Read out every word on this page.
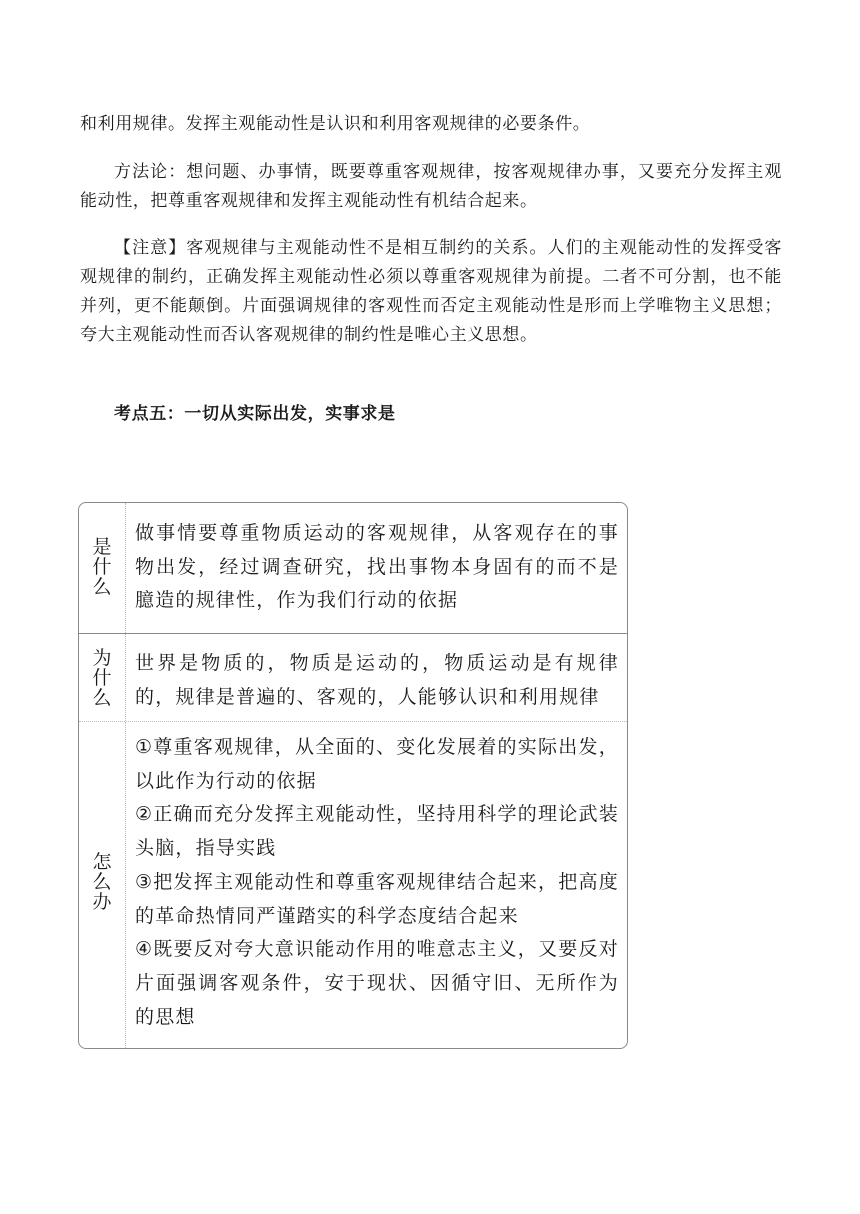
和利用规律。发挥主观能动性是认识和利用客观规律的必要条件。

方法论：想问题、办事情，既要尊重客观规律，按客观规律办事，又要充分发挥主观能动性，把尊重客观规律和发挥主观能动性有机结合起来。

【注意】客观规律与主观能动性不是相互制约的关系。人们的主观能动性的发挥受客观规律的制约，正确发挥主观能动性必须以尊重客观规律为前提。二者不可分割，也不能并列，更不能颠倒。片面强调规律的客观性而否定主观能动性是形而上学唯物主义思想；夸大主观能动性而否认客观规律的制约性是唯心主义思想。

考点五：一切从实际出发，实事求是
是
什
么
做事情要尊重物质运动的客观规律，从客观存在的事物出发，经过调查研究，找出事物本身固有的而不是臆造的规律性，作为我们行动的依据
为
什
么
世界是物质的，物质是运动的，物质运动是有规律的，规律是普遍的、客观的，人能够认识和利用规律
怎
么
办
①尊重客观规律，从全面的、变化发展着的实际出发，以此作为行动的依据
②正确而充分发挥主观能动性，坚持用科学的理论武装头脑，指导实践
③把发挥主观能动性和尊重客观规律结合起来，把高度的革命热情同严谨踏实的科学态度结合起来
④既要反对夸大意识能动作用的唯意志主义，又要反对片面强调客观条件，安于现状、因循守旧、无所作为的思想
